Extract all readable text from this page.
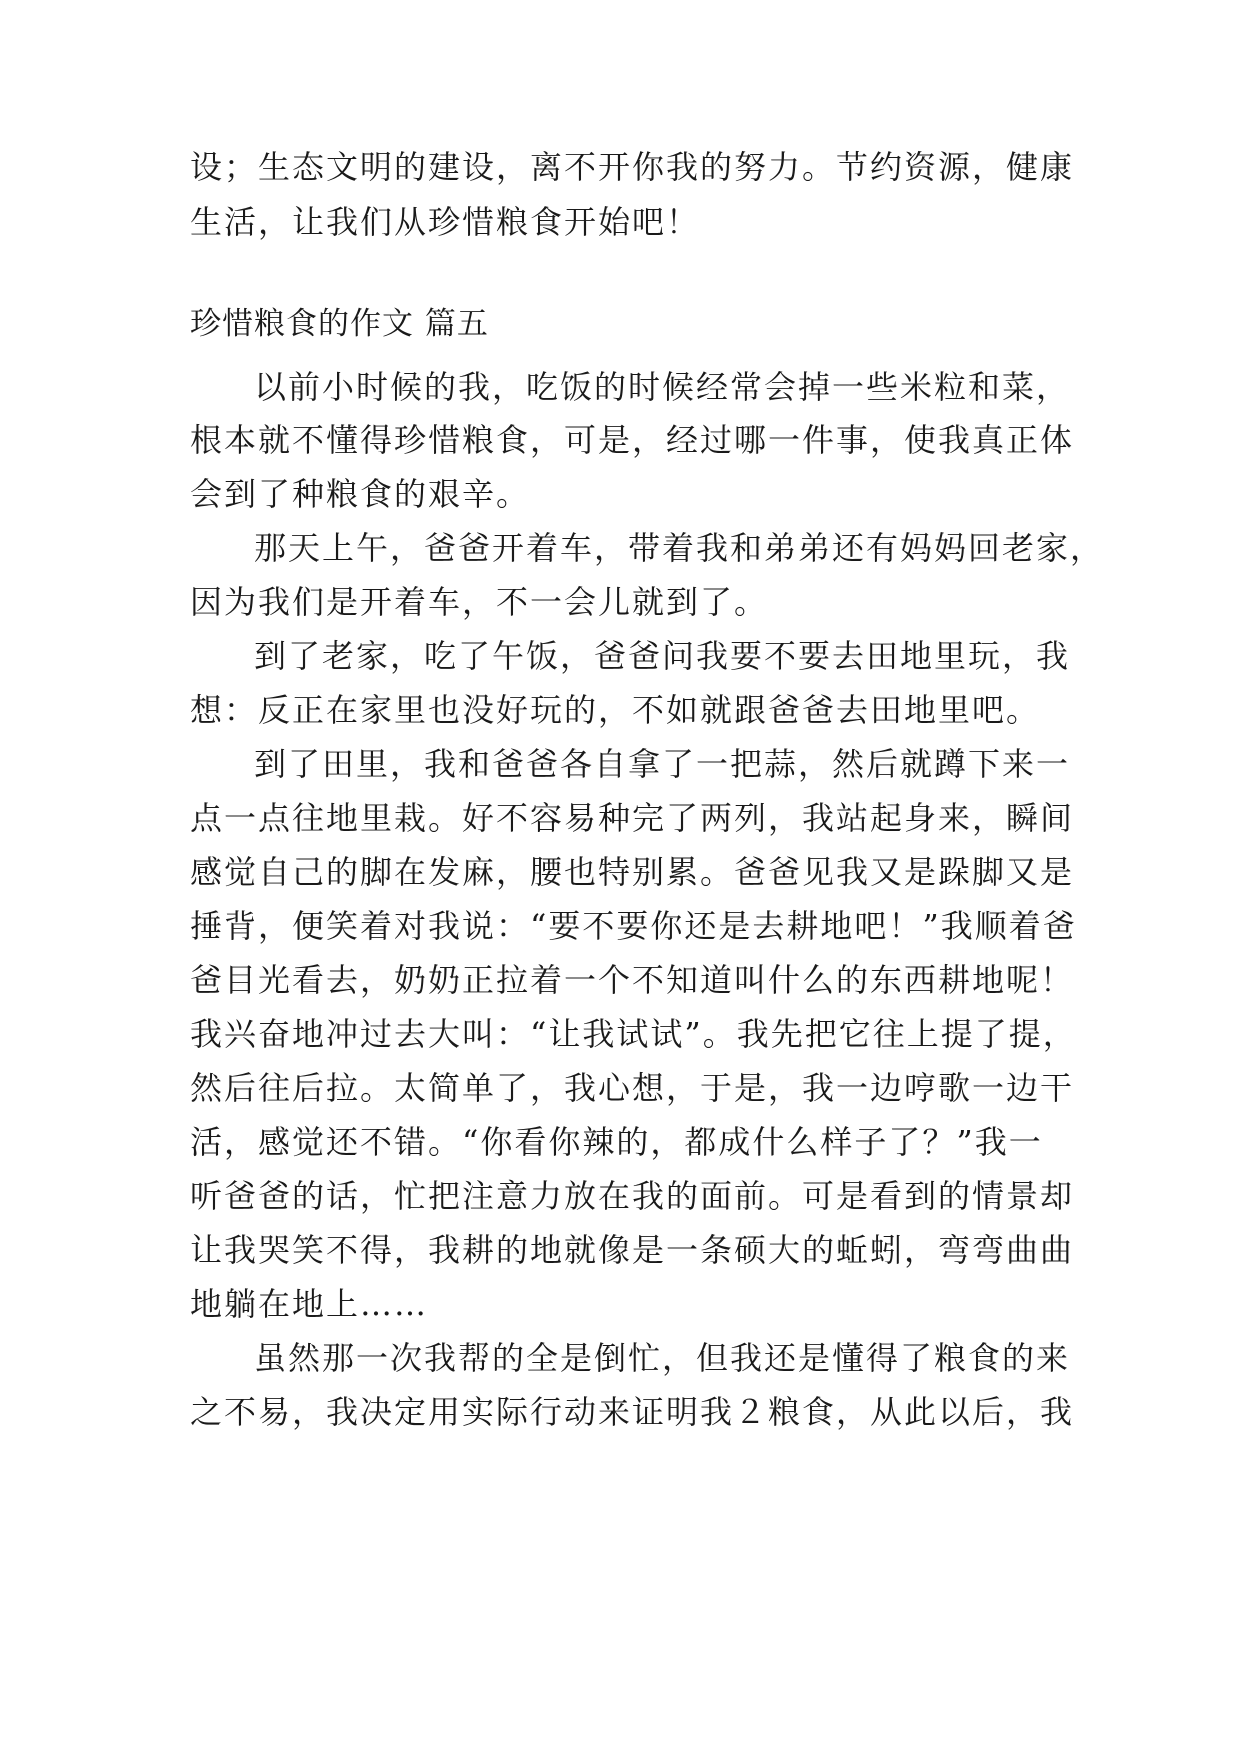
设；生态文明的建设，离不开你我的努力。节约资源，健康
生活，让我们从珍惜粮食开始吧！
珍惜粮食的作文 篇五
以前小时候的我，吃饭的时候经常会掉一些米粒和菜，
根本就不懂得珍惜粮食，可是，经过哪一件事，使我真正体
会到了种粮食的艰辛。
那天上午，爸爸开着车，带着我和弟弟还有妈妈回老家，
因为我们是开着车，不一会儿就到了。
到了老家，吃了午饭，爸爸问我要不要去田地里玩，我
想：反正在家里也没好玩的，不如就跟爸爸去田地里吧。
到了田里，我和爸爸各自拿了一把蒜，然后就蹲下来一
点一点往地里栽。好不容易种完了两列，我站起身来，瞬间
感觉自己的脚在发麻，腰也特别累。爸爸见我又是跺脚又是
捶背，便笑着对我说：“要不要你还是去耕地吧！”我顺着爸
爸目光看去，奶奶正拉着一个不知道叫什么的东西耕地呢！
我兴奋地冲过去大叫：“让我试试”。我先把它往上提了提，
然后往后拉。太简单了，我心想，于是，我一边哼歌一边干
活，感觉还不错。“你看你辣的，都成什么样子了？”我一
听爸爸的话，忙把注意力放在我的面前。可是看到的情景却
让我哭笑不得，我耕的地就像是一条硕大的蚯蚓，弯弯曲曲
地躺在地上……
虽然那一次我帮的全是倒忙，但我还是懂得了粮食的来
之不易，我决定用实际行动来证明我２粮食，从此以后，我
